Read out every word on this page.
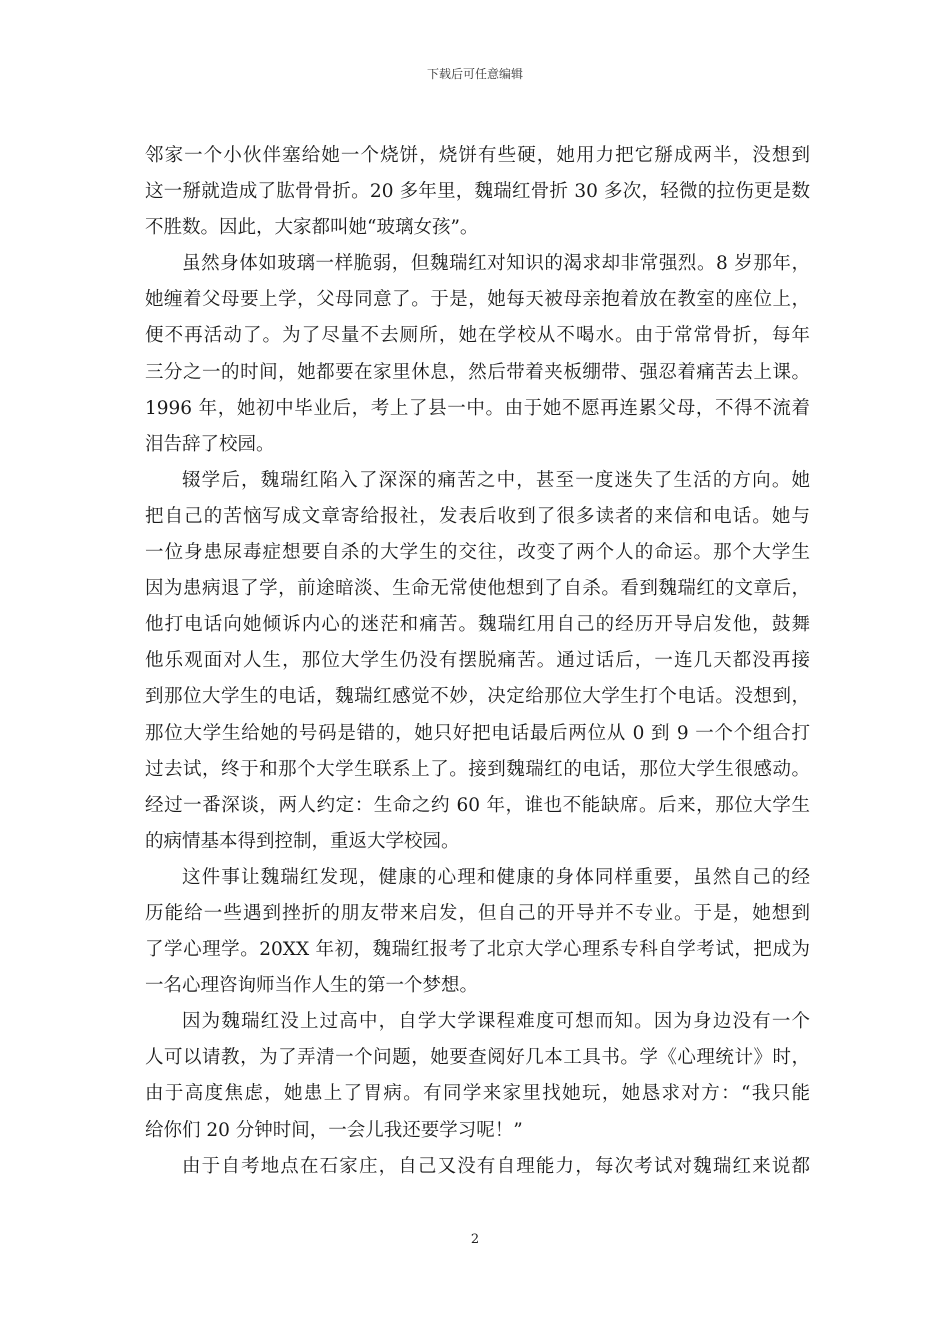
下载后可任意编辑
邻家一个小伙伴塞给她一个烧饼，烧饼有些硬，她用力把它掰成两半，没想到
这一掰就造成了肱骨骨折。20 多年里，魏瑞红骨折 30 多次，轻微的拉伤更是数
不胜数。因此，大家都叫她“玻璃女孩”。
虽然身体如玻璃一样脆弱，但魏瑞红对知识的渴求却非常强烈。8 岁那年，
她缠着父母要上学，父母同意了。于是，她每天被母亲抱着放在教室的座位上，
便不再活动了。为了尽量不去厕所，她在学校从不喝水。由于常常骨折，每年
三分之一的时间，她都要在家里休息，然后带着夹板绷带、强忍着痛苦去上课。
1996 年，她初中毕业后，考上了县一中。由于她不愿再连累父母，不得不流着
泪告辞了校园。
辍学后，魏瑞红陷入了深深的痛苦之中，甚至一度迷失了生活的方向。她
把自己的苦恼写成文章寄给报社，发表后收到了很多读者的来信和电话。她与
一位身患尿毒症想要自杀的大学生的交往，改变了两个人的命运。那个大学生
因为患病退了学，前途暗淡、生命无常使他想到了自杀。看到魏瑞红的文章后，
他打电话向她倾诉内心的迷茫和痛苦。魏瑞红用自己的经历开导启发他，鼓舞
他乐观面对人生，那位大学生仍没有摆脱痛苦。通过话后，一连几天都没再接
到那位大学生的电话，魏瑞红感觉不妙，决定给那位大学生打个电话。没想到，
那位大学生给她的号码是错的，她只好把电话最后两位从 0 到 9 一个个组合打
过去试，终于和那个大学生联系上了。接到魏瑞红的电话，那位大学生很感动。
经过一番深谈，两人约定：生命之约 60 年，谁也不能缺席。后来，那位大学生
的病情基本得到控制，重返大学校园。
这件事让魏瑞红发现，健康的心理和健康的身体同样重要，虽然自己的经
历能给一些遇到挫折的朋友带来启发，但自己的开导并不专业。于是，她想到
了学心理学。20XX 年初，魏瑞红报考了北京大学心理系专科自学考试，把成为
一名心理咨询师当作人生的第一个梦想。
因为魏瑞红没上过高中，自学大学课程难度可想而知。因为身边没有一个
人可以请教，为了弄清一个问题，她要查阅好几本工具书。学《心理统计》时，
由于高度焦虑，她患上了胃病。有同学来家里找她玩，她恳求对方：“我只能
给你们 20 分钟时间，一会儿我还要学习呢！”
由于自考地点在石家庄，自己又没有自理能力，每次考试对魏瑞红来说都
2
